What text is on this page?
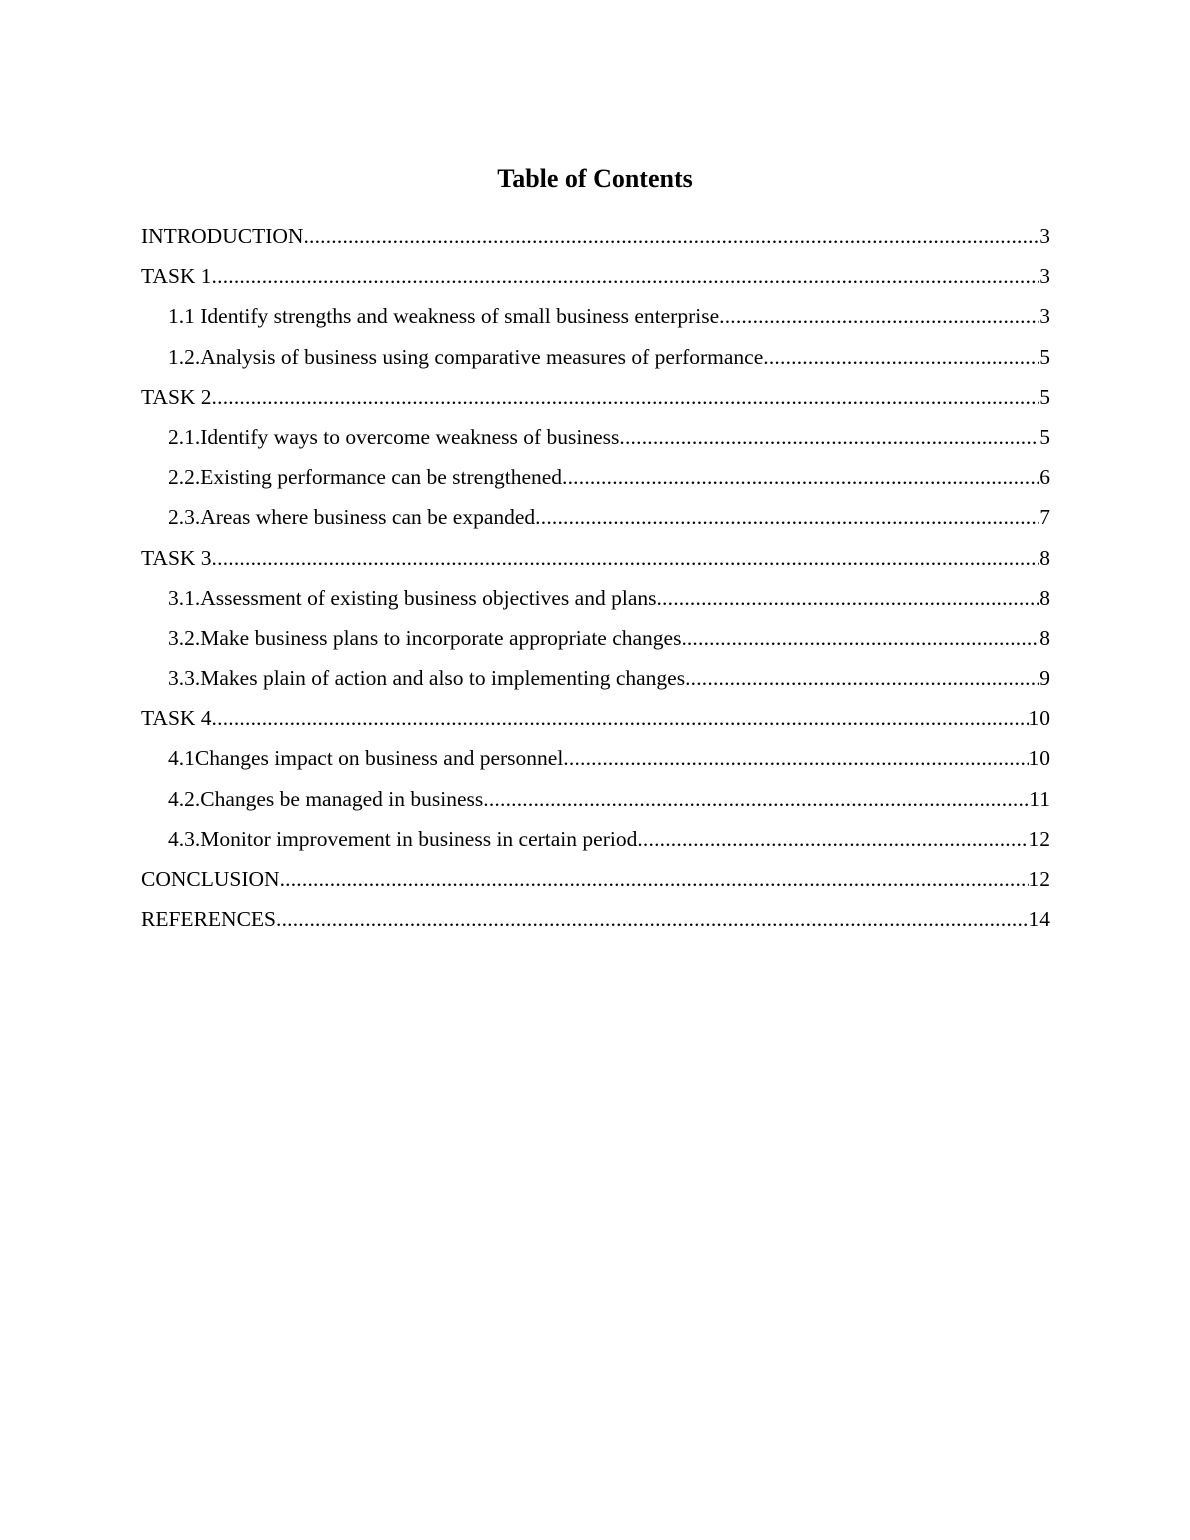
Table of Contents
INTRODUCTION .....	3
TASK 1 .....	3
1.1 Identify strengths and weakness of small business enterprise .....	3
1.2.Analysis of business using comparative measures of performance .....	5
TASK 2 .....	5
2.1.Identify ways to overcome weakness of business .....	5
2.2.Existing performance can be strengthened .....	6
2.3.Areas where business can be expanded .....	7
TASK 3 .....	8
3.1.Assessment of existing business objectives and plans .....	8
3.2.Make business plans to incorporate appropriate changes. .....	8
3.3.Makes plain of action and also to implementing changes .....	9
TASK 4 .....	10
4.1Changes impact on business and personnel .....	10
4.2.Changes be managed in business .....	11
4.3.Monitor improvement in business in certain period .....	12
CONCLUSION .....	12
REFERENCES .....	14
